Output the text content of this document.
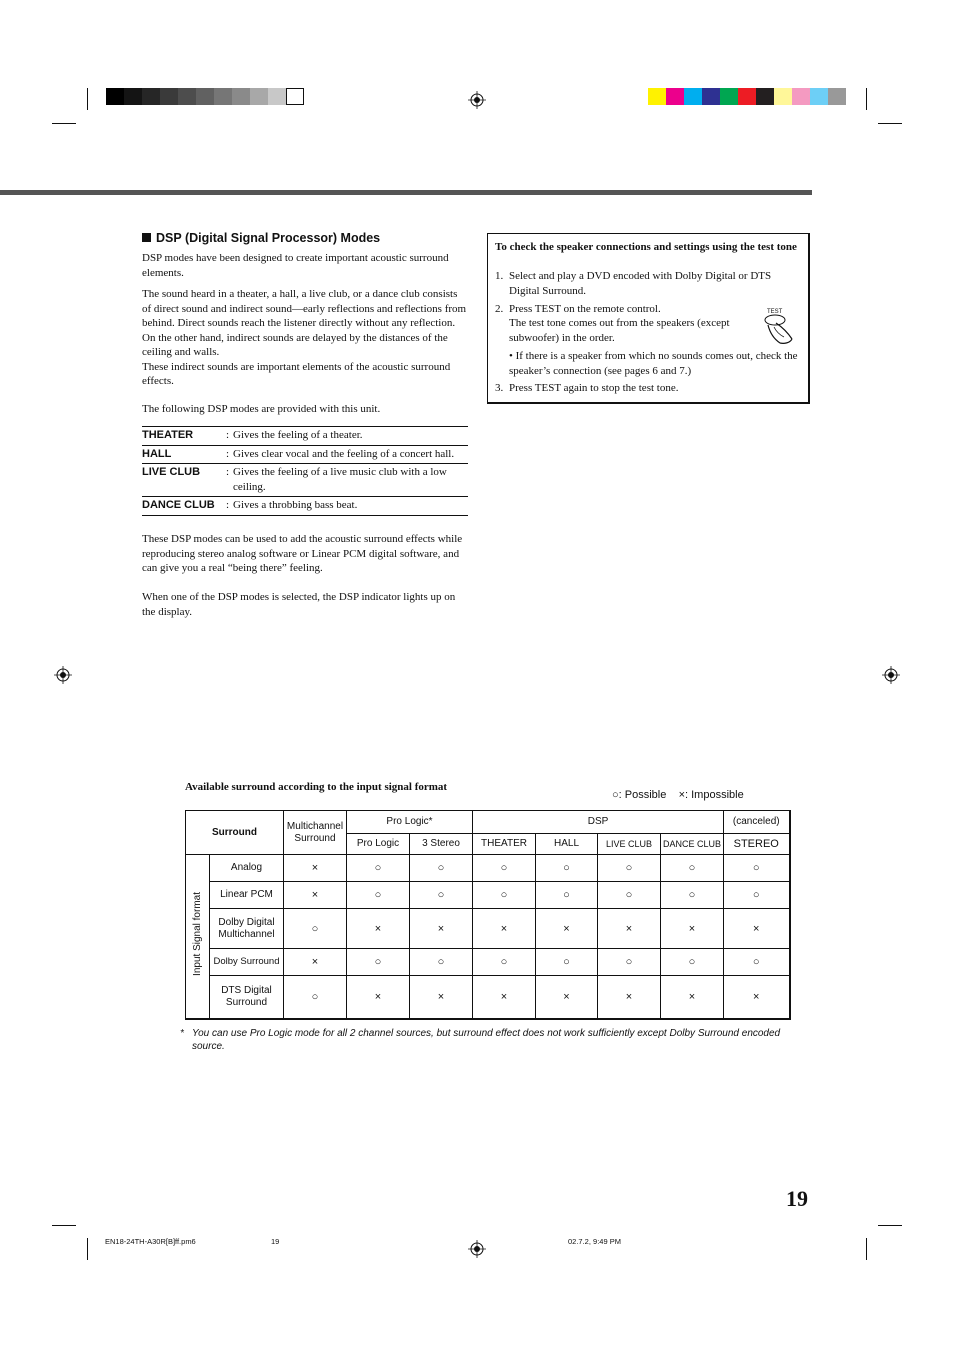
DSP (Digital Signal Processor) Modes

DSP modes have been designed to create important acoustic surround elements.

The sound heard in a theater, a hall, a live club, or a dance club consists of direct sound and indirect sound—early reflections and reflections from behind. Direct sounds reach the listener directly without any reflection. On the other hand, indirect sounds are delayed by the distances of the ceiling and walls.

These indirect sounds are important elements of the acoustic surround effects.

The following DSP modes are provided with this unit.

THEATER	:	Gives the feeling of a theater.
HALL	:	Gives clear vocal and the feeling of a concert hall.
LIVE CLUB	:	Gives the feeling of a live music club with a low ceiling.
DANCE CLUB	:	Gives a throbbing bass beat.

These DSP modes can be used to add the acoustic surround effects while reproducing stereo analog software or Linear PCM digital software, and can give you a real “being there” feeling.

When one of the DSP modes is selected, the DSP indicator lights up on the display.

To check the speaker connections and settings using the test tone
1. Select and play a DVD encoded with Dolby Digital or DTS Digital Surround.
2. Press TEST on the remote control.
The test tone comes out from the speakers (except subwoofer) in the order.
• If there is a speaker from which no sounds comes out, check the speaker’s connection (see pages 6 and 7.)
3. Press TEST again to stop the test tone.
TEST
Available surround according to the input signal format
○: Possible ×: Impossible
Surround		Multichannel Surround	Pro Logic*		DSP				(canceled)
			Pro Logic	3 Stereo	THEATER	HALL	LIVE CLUB	DANCE CLUB	STEREO
Input Signal format	Analog	×	○	○	○	○	○	○	○
	Linear PCM	×	○	○	○	○	○	○	○
	Dolby Digital Multichannel	○	×	×	×	×	×	×	×
	Dolby Surround	×	○	○	○	○	○	○	○
	DTS Digital Surround	○	×	×	×	×	×	×	×
* You can use Pro Logic mode for all 2 channel sources, but surround effect does not work sufficiently except Dolby Surround encoded source.
19
EN18-24TH-A30R[B]ff.pm6	19	02.7.2, 9:49 PM
